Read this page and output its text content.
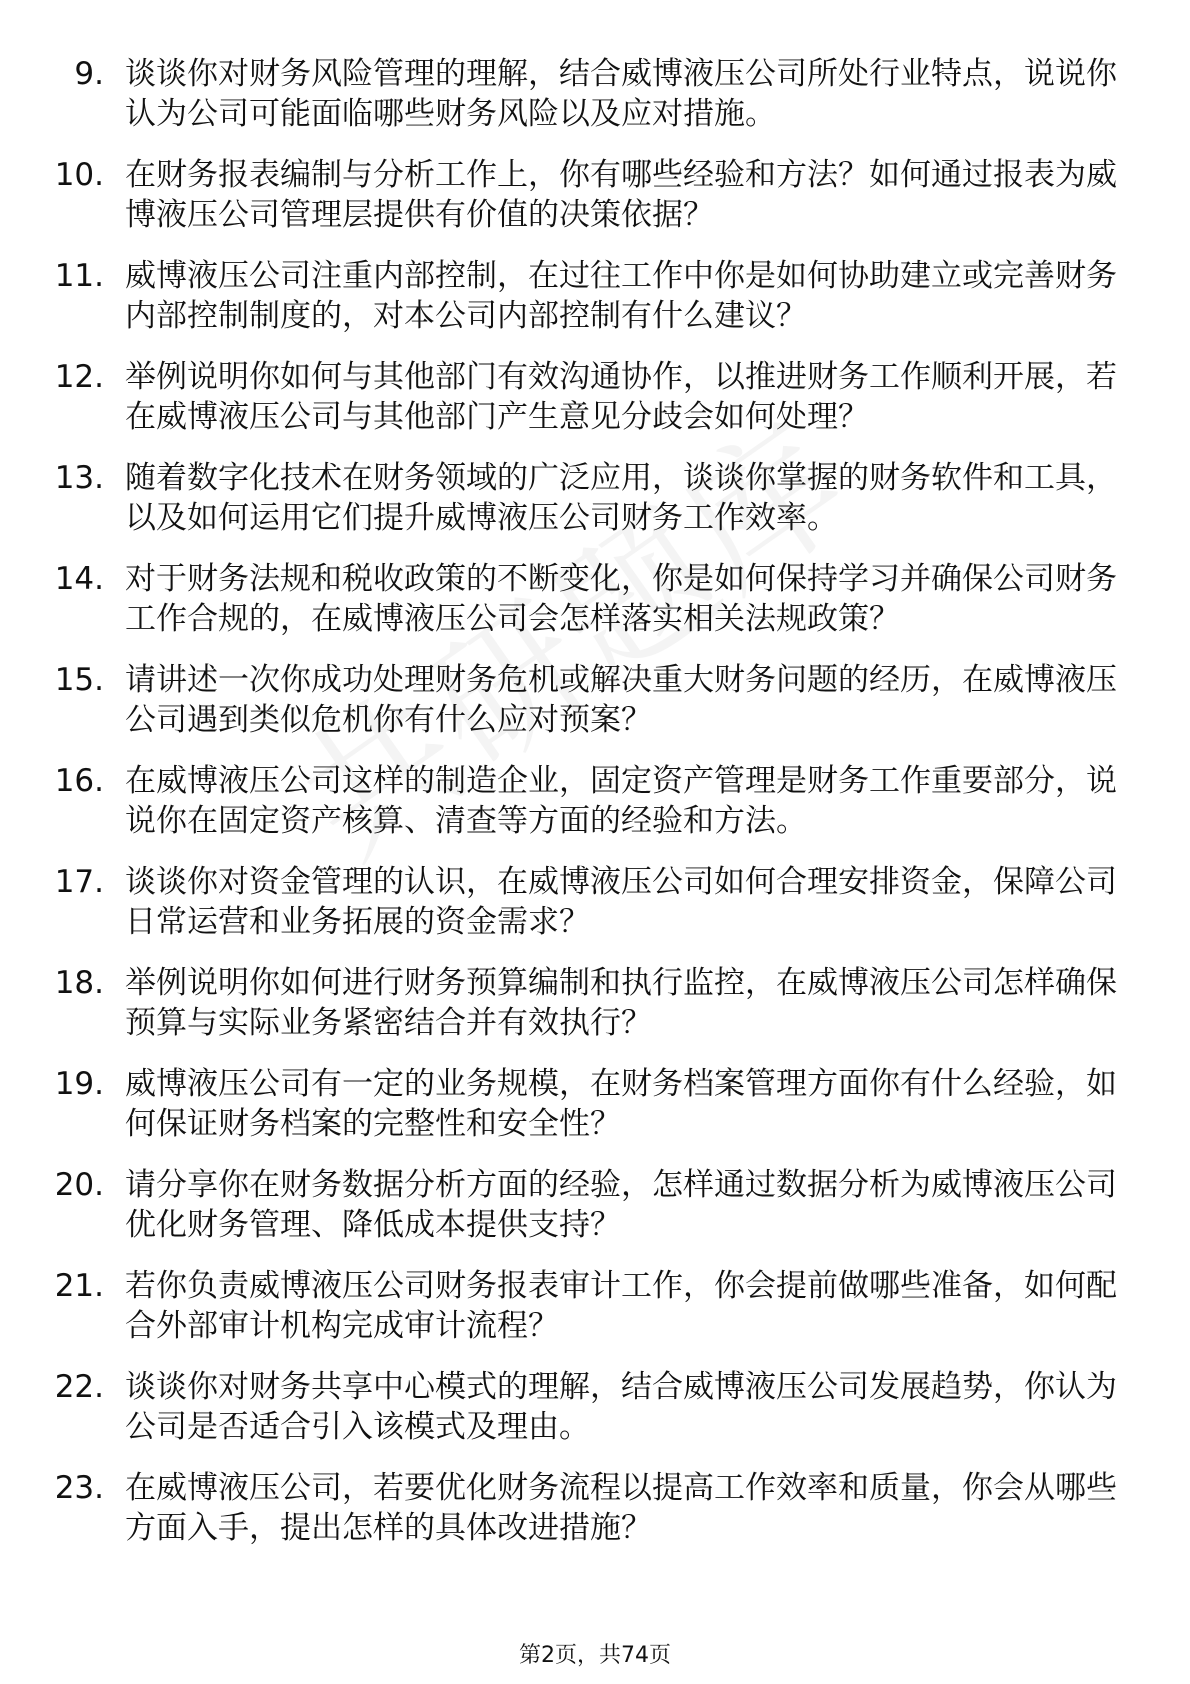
9. 谈谈你对财务风险管理的理解，结合威博液压公司所处行业特点，说说你认为公司可能面临哪些财务风险以及应对措施。
10. 在财务报表编制与分析工作上，你有哪些经验和方法？如何通过报表为威博液压公司管理层提供有价值的决策依据？
11. 威博液压公司注重内部控制，在过往工作中你是如何协助建立或完善财务内部控制制度的，对本公司内部控制有什么建议？
12. 举例说明你如何与其他部门有效沟通协作，以推进财务工作顺利开展，若在威博液压公司与其他部门产生意见分歧会如何处理？
13. 随着数字化技术在财务领域的广泛应用，谈谈你掌握的财务软件和工具，以及如何运用它们提升威博液压公司财务工作效率。
14. 对于财务法规和税收政策的不断变化，你是如何保持学习并确保公司财务工作合规的，在威博液压公司会怎样落实相关法规政策？
15. 请讲述一次你成功处理财务危机或解决重大财务问题的经历，在威博液压公司遇到类似危机你有什么应对预案？
16. 在威博液压公司这样的制造企业，固定资产管理是财务工作重要部分，说说你在固定资产核算、清查等方面的经验和方法。
17. 谈谈你对资金管理的认识，在威博液压公司如何合理安排资金，保障公司日常运营和业务拓展的资金需求？
18. 举例说明你如何进行财务预算编制和执行监控，在威博液压公司怎样确保预算与实际业务紧密结合并有效执行？
19. 威博液压公司有一定的业务规模，在财务档案管理方面你有什么经验，如何保证财务档案的完整性和安全性？
20. 请分享你在财务数据分析方面的经验，怎样通过数据分析为威博液压公司优化财务管理、降低成本提供支持？
21. 若你负责威博液压公司财务报表审计工作，你会提前做哪些准备，如何配合外部审计机构完成审计流程？
22. 谈谈你对财务共享中心模式的理解，结合威博液压公司发展趋势，你认为公司是否适合引入该模式及理由。
23. 在威博液压公司，若要优化财务流程以提高工作效率和质量，你会从哪些方面入手，提出怎样的具体改进措施？
第2页，共74页
